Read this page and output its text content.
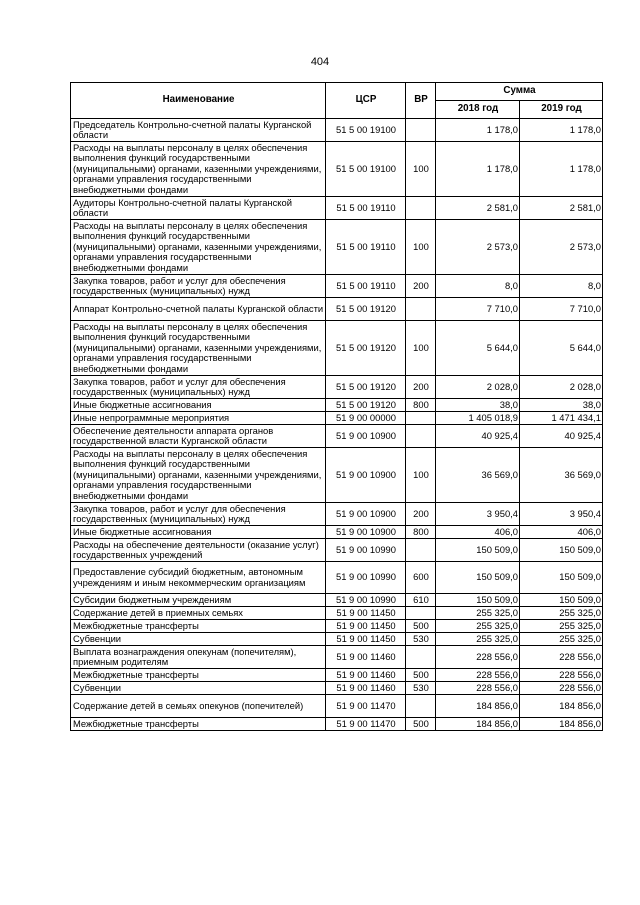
404
Наименование	ЦСР	ВР	Сумма	
			2018 год	2019 год
Председатель Контрольно-счетной палаты Курганской области	51 5 00 19100		1 178,0	1 178,0
Расходы на выплаты персоналу в целях обеспечения выполнения функций государственными (муниципальными) органами, казенными учреждениями, органами управления государственными внебюджетными фондами	51 5 00 19100	100	1 178,0	1 178,0
Аудиторы Контрольно-счетной палаты Курганской области	51 5 00 19110		2 581,0	2 581,0
Расходы на выплаты персоналу в целях обеспечения выполнения функций государственными (муниципальными) органами, казенными учреждениями, органами управления государственными внебюджетными фондами	51 5 00 19110	100	2 573,0	2 573,0
Закупка товаров, работ и услуг для обеспечения государственных (муниципальных) нужд	51 5 00 19110	200	8,0	8,0
Аппарат Контрольно-счетной палаты Курганской области	51 5 00 19120		7 710,0	7 710,0
Расходы на выплаты персоналу в целях обеспечения выполнения функций государственными (муниципальными) органами, казенными учреждениями, органами управления государственными внебюджетными фондами	51 5 00 19120	100	5 644,0	5 644,0
Закупка товаров, работ и услуг для обеспечения государственных (муниципальных) нужд	51 5 00 19120	200	2 028,0	2 028,0
Иные бюджетные ассигнования	51 5 00 19120	800	38,0	38,0
Иные непрограммные мероприятия	51 9 00 00000		1 405 018,9	1 471 434,1
Обеспечение деятельности аппарата органов государственной власти Курганской области	51 9 00 10900		40 925,4	40 925,4
Расходы на выплаты персоналу в целях обеспечения выполнения функций государственными (муниципальными) органами, казенными учреждениями, органами управления государственными внебюджетными фондами	51 9 00 10900	100	36 569,0	36 569,0
Закупка товаров, работ и услуг для обеспечения государственных (муниципальных) нужд	51 9 00 10900	200	3 950,4	3 950,4
Иные бюджетные ассигнования	51 9 00 10900	800	406,0	406,0
Расходы на обеспечение деятельности (оказание услуг) государственных учреждений	51 9 00 10990		150 509,0	150 509,0
Предоставление субсидий бюджетным, автономным учреждениям и иным некоммерческим организациям	51 9 00 10990	600	150 509,0	150 509,0
Субсидии бюджетным учреждениям	51 9 00 10990	610	150 509,0	150 509,0
Содержание детей в приемных семьях	51 9 00 11450		255 325,0	255 325,0
Межбюджетные трансферты	51 9 00 11450	500	255 325,0	255 325,0
Субвенции	51 9 00 11450	530	255 325,0	255 325,0
Выплата вознаграждения опекунам (попечителям), приемным родителям	51 9 00 11460		228 556,0	228 556,0
Межбюджетные трансферты	51 9 00 11460	500	228 556,0	228 556,0
Субвенции	51 9 00 11460	530	228 556,0	228 556,0
Содержание детей в семьях опекунов (попечителей)	51 9 00 11470		184 856,0	184 856,0
Межбюджетные трансферты	51 9 00 11470	500	184 856,0	184 856,0
